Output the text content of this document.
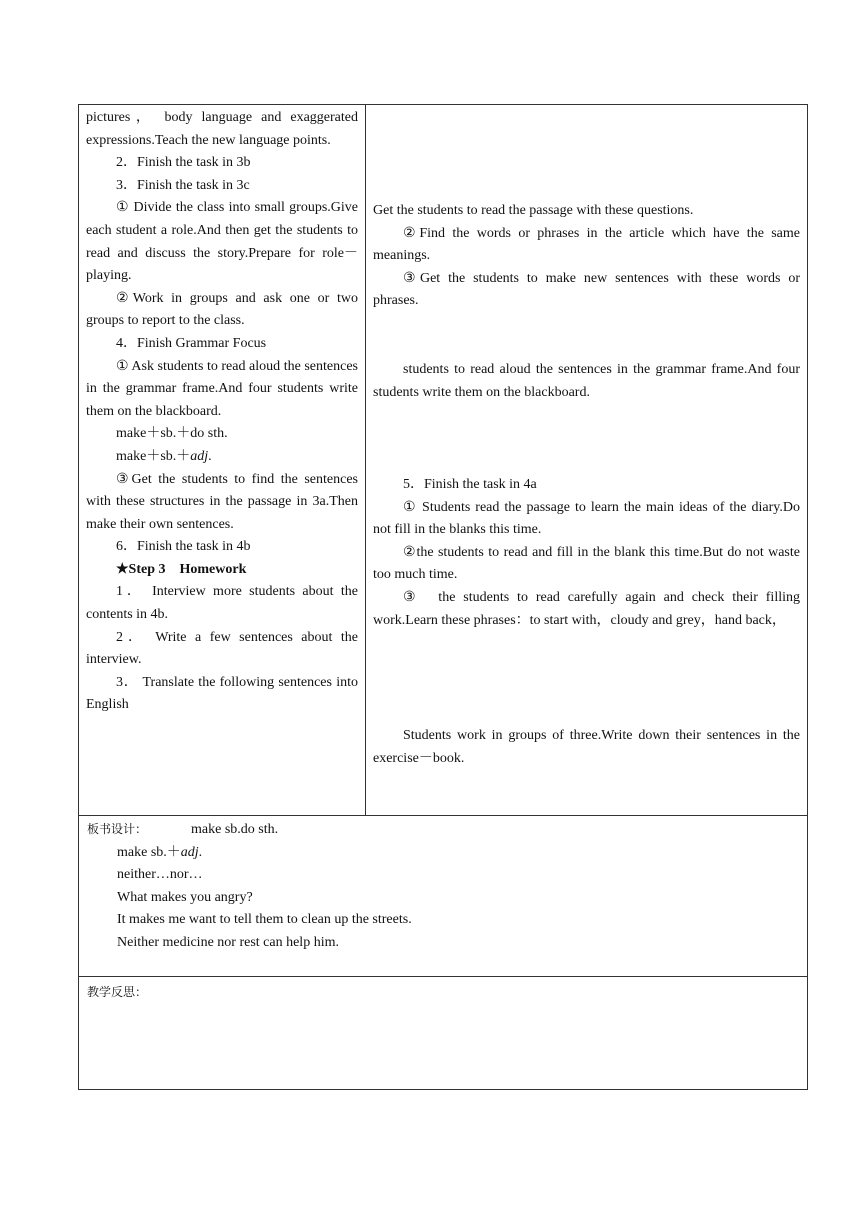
pictures， body language and exaggerated

expressions.Teach the new language points.

2．Finish the task in 3b

3．Finish the task in 3c

① Divide the class into small groups.Give each student a role.And then get the students to read and discuss the story.Prepare for role－playing.

②Work in groups and ask one or two groups to report to the class.

4．Finish Grammar Focus

① Ask students to read aloud the sentences in the grammar frame.And four students write them on the blackboard.

make＋sb.＋do sth.

make＋sb.＋adj.

③Get the students to find the sentences with these structures in the passage in 3a.Then make their own sentences.

6．Finish the task in 4b

★Step 3　Homework

1． Interview more students about the contents in 4b.

2． Write a few sentences about the interview.

3． Translate the following sentences into English

Get the students to read the passage with these questions.

②Find the words or phrases in the article which have the same meanings.

③Get the students to make new sentences with these words or phrases.

students to read aloud the sentences in the grammar frame.And four students write them on the blackboard.

5．Finish the task in 4a

① Students read the passage to learn the main ideas of the diary.Do not fill in the blanks this time.

②the students to read and fill in the blank this time.But do not waste too much time.

③　the students to read carefully again and check their filling work.Learn these phrases：to start with，cloudy and grey，hand back，

Students work in groups of three.Write down their sentences in the exercise－book.

板书设计：	make sb.do sth.

make sb.＋adj.

neither…nor…

What makes you angry?

It makes me want to tell them to clean up the streets.

Neither medicine nor rest can help him.

教学反思：
